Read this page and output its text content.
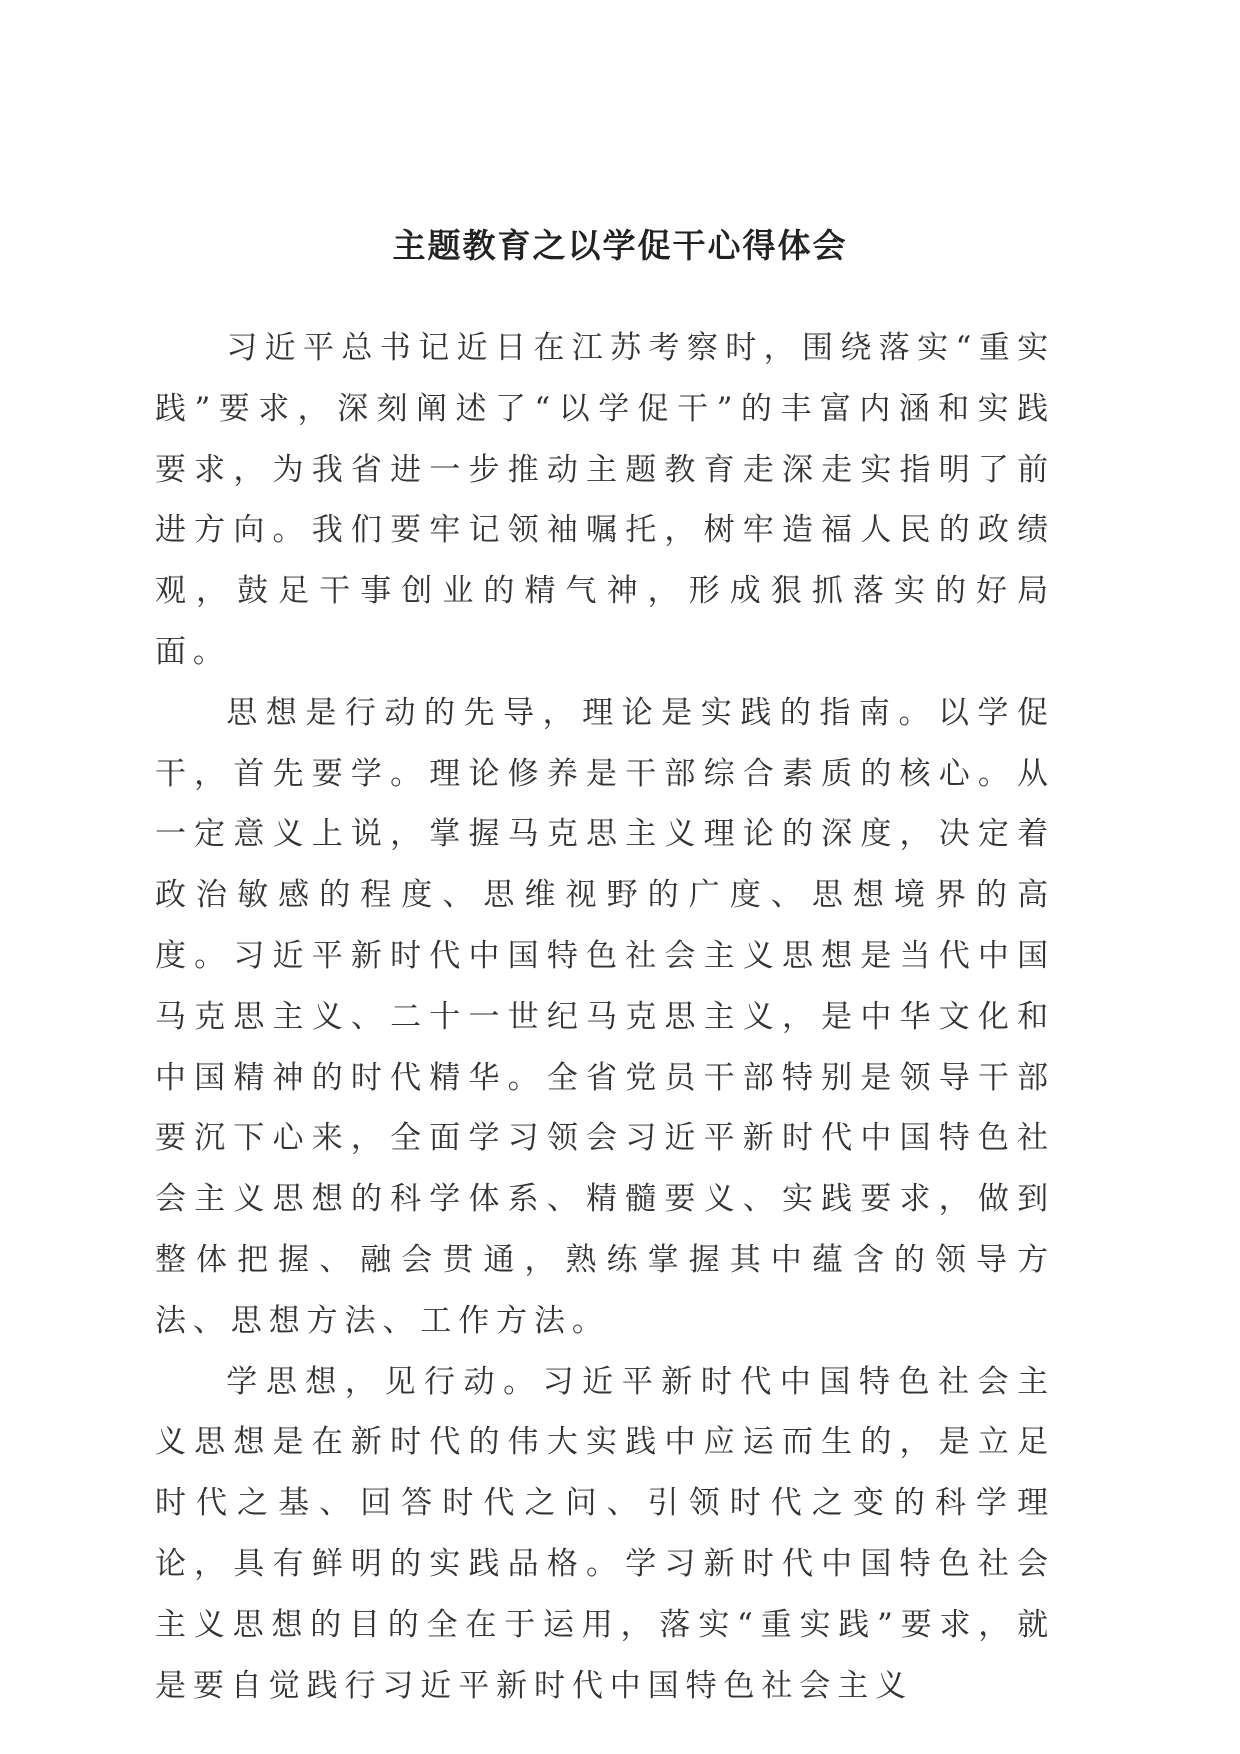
主题教育之以学促干心得体会

习近平总书记近日在江苏考察时，围绕落实“重实践”要求，深刻阐述了“以学促干”的丰富内涵和实践要求，为我省进一步推动主题教育走深走实指明了前进方向。我们要牢记领袖嘱托，树牢造福人民的政绩观，鼓足干事创业的精气神，形成狠抓落实的好局面。

思想是行动的先导，理论是实践的指南。以学促干，首先要学。理论修养是干部综合素质的核心。从一定意义上说，掌握马克思主义理论的深度，决定着政治敏感的程度、思维视野的广度、思想境界的高度。习近平新时代中国特色社会主义思想是当代中国马克思主义、二十一世纪马克思主义，是中华文化和中国精神的时代精华。全省党员干部特别是领导干部要沉下心来，全面学习领会习近平新时代中国特色社会主义思想的科学体系、精髓要义、实践要求，做到整体把握、融会贯通，熟练掌握其中蕴含的领导方法、思想方法、工作方法。

学思想，见行动。习近平新时代中国特色社会主义思想是在新时代的伟大实践中应运而生的，是立足时代之基、回答时代之问、引领时代之变的科学理论，具有鲜明的实践品格。学习新时代中国特色社会主义思想的目的全在于运用，落实“重实践”要求，就是要自觉践行习近平新时代中国特色社会主义
